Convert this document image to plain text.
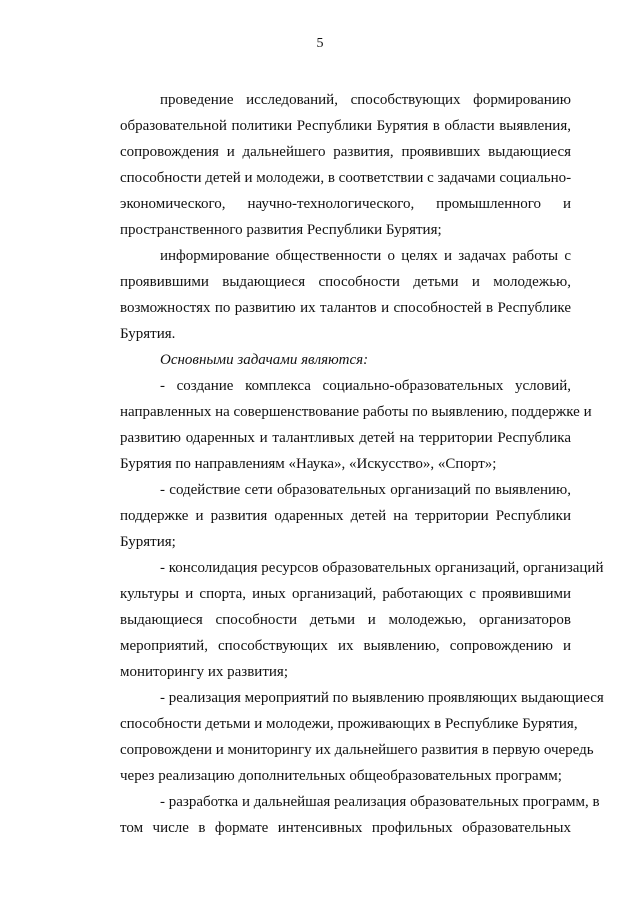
5
проведение исследований, способствующих формированию
образовательной политики Республики Бурятия в области выявления,
сопровождения и дальнейшего развития, проявивших выдающиеся
способности детей и молодежи, в соответствии с задачами социально-
экономического, научно-технологического, промышленного и
пространственного развития Республики Бурятия;
информирование общественности о целях и задачах работы с
проявившими выдающиеся способности детьми и молодежью,
возможностях по развитию их талантов и способностей в Республике
Бурятия.
Основными задачами являются:
- создание комплекса социально-образовательных условий,
направленных на совершенствование работы по выявлению, поддержке и
развитию одаренных и талантливых детей на территории Республика
Бурятия по направлениям «Наука», «Искусство», «Спорт»;
- содействие сети образовательных организаций по выявлению,
поддержке и развития одаренных детей на территории Республики
Бурятия;
- консолидация ресурсов образовательных организаций, организаций
культуры и спорта, иных организаций, работающих с проявившими
выдающиеся способности детьми и молодежью, организаторов
мероприятий, способствующих их выявлению, сопровождению и
мониторингу их развития;
- реализация мероприятий по выявлению проявляющих выдающиеся
способности детьми и молодежи, проживающих в Республике Бурятия,
сопровождени и мониторингу их дальнейшего развития в первую очередь
через реализацию дополнительных общеобразовательных программ;
- разработка и дальнейшая реализация образовательных программ, в
том числе в формате интенсивных профильных образовательных
